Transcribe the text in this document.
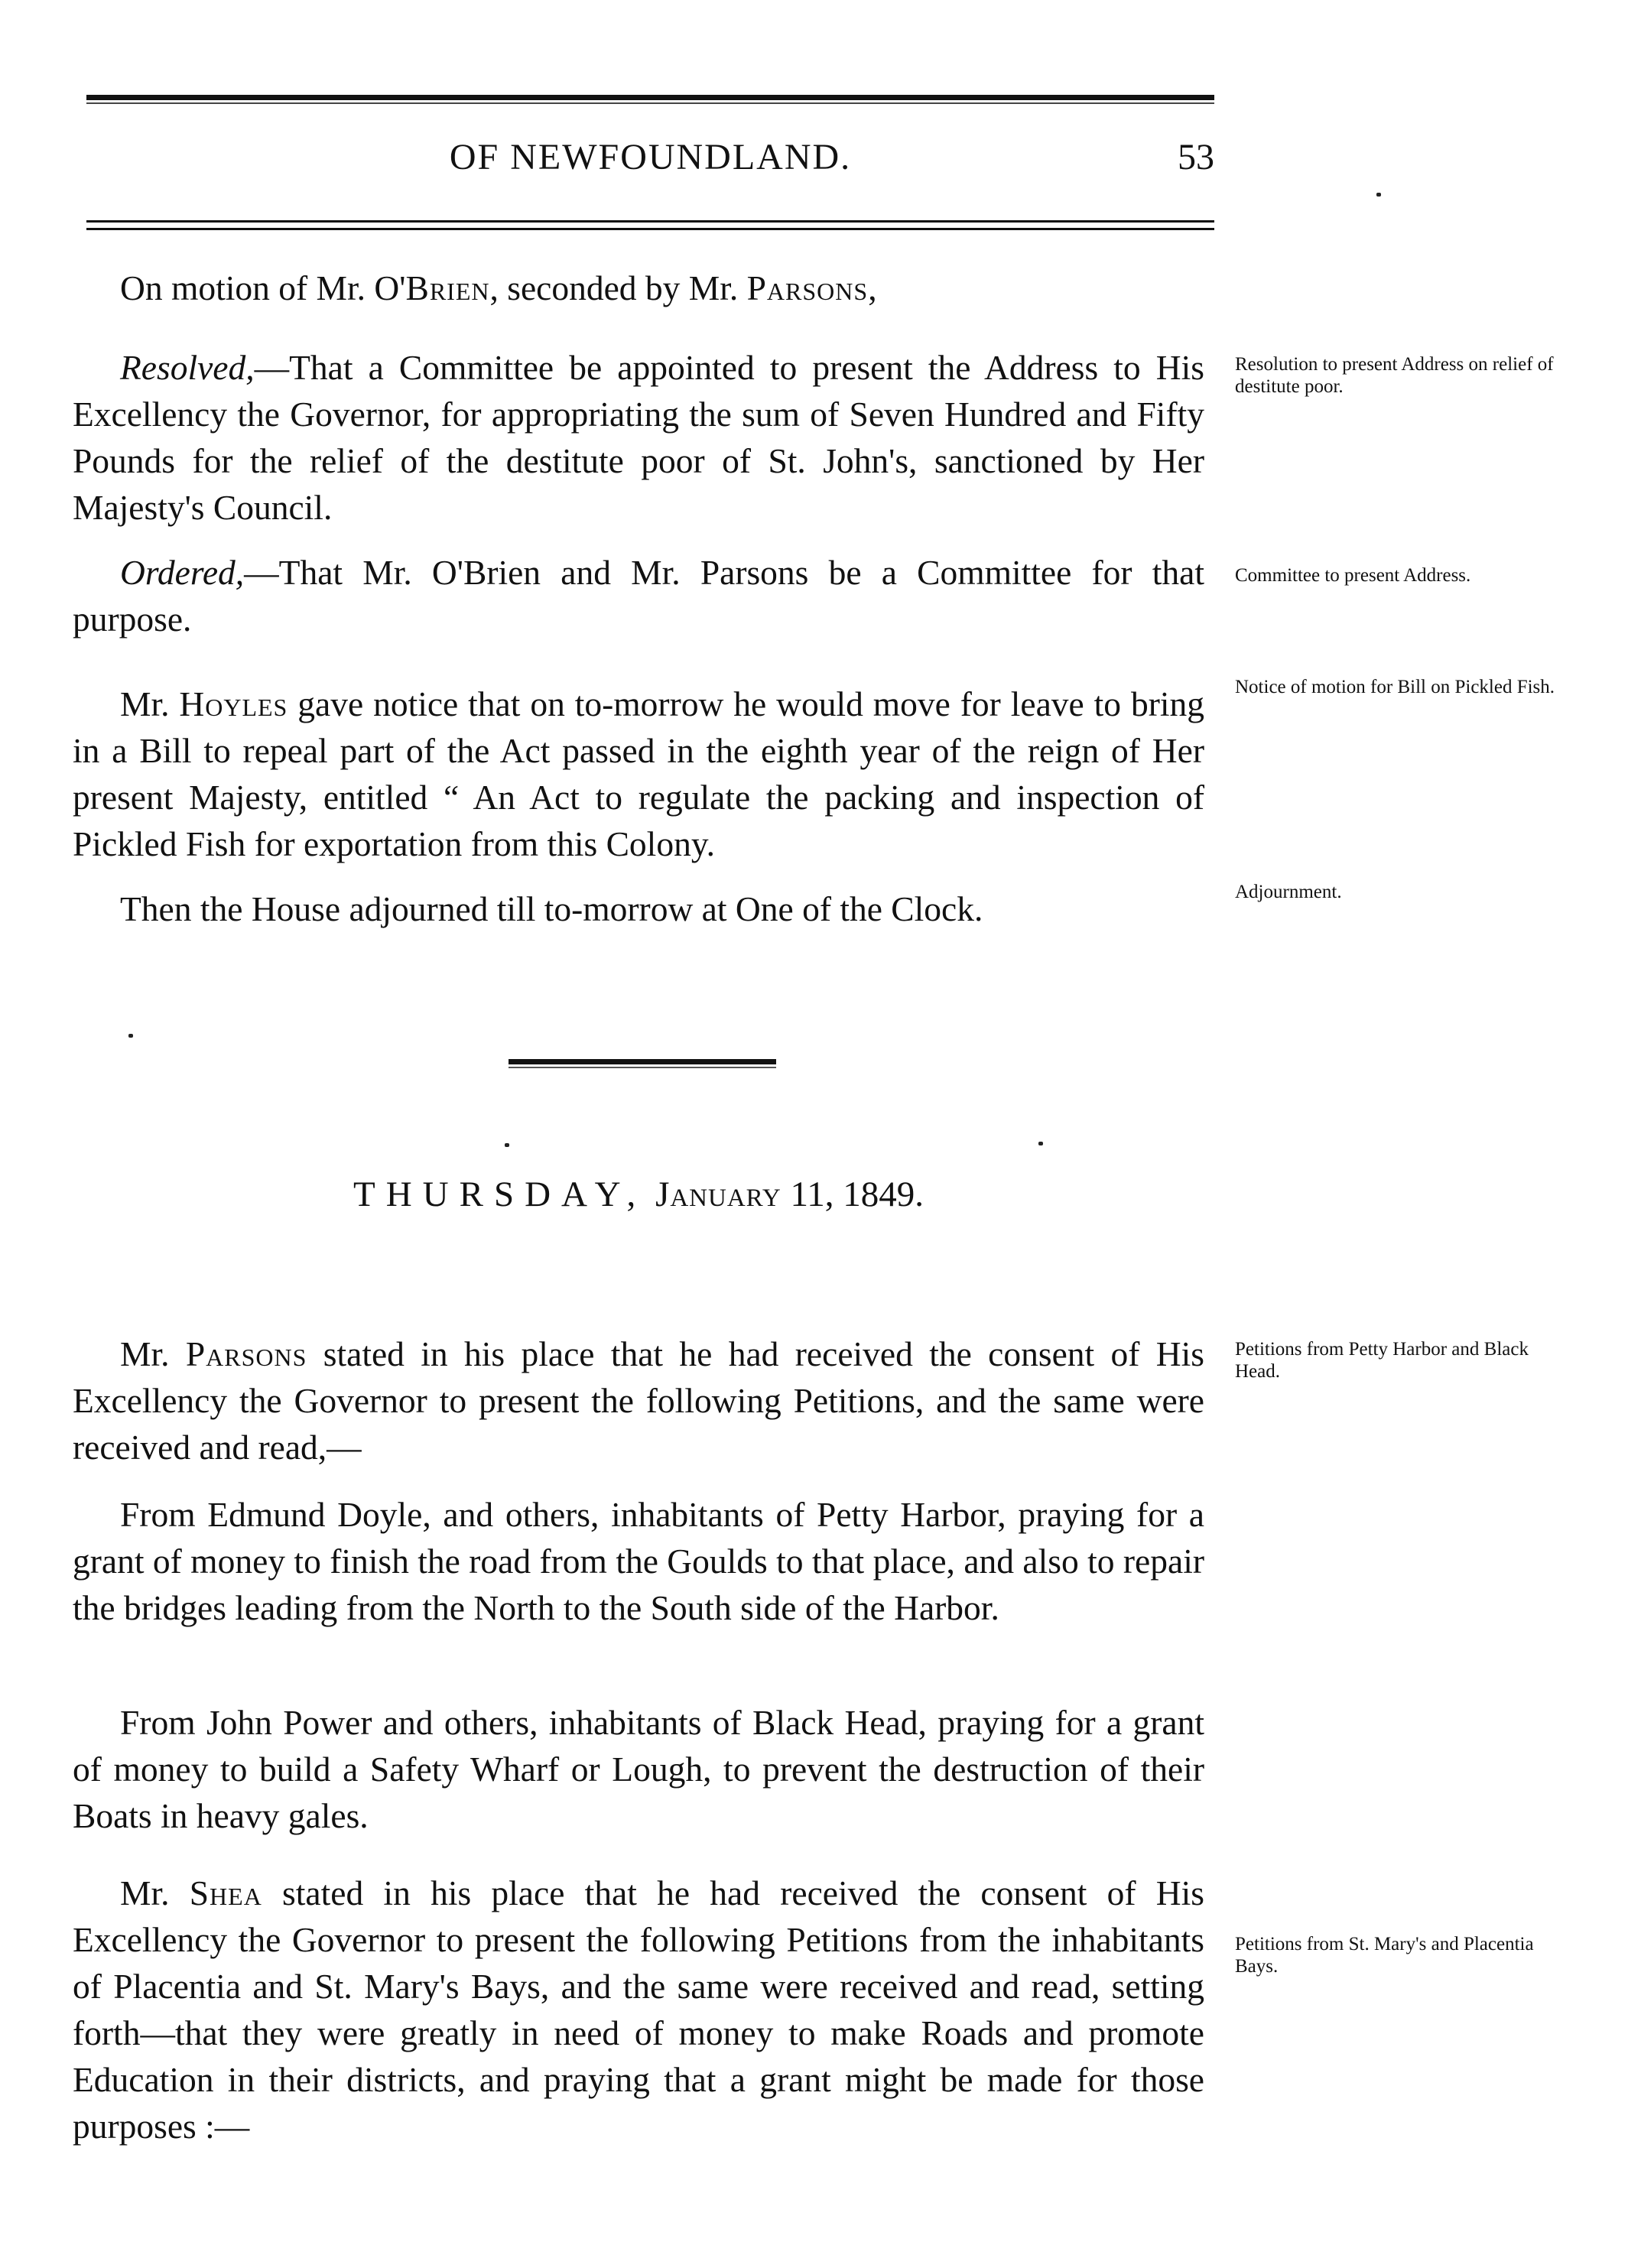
OF NEWFOUNDLAND.	53
On motion of Mr. O'Brien, seconded by Mr. Parsons,
Resolved,—That a Committee be appointed to present the Address to His Excellency the Governor, for appropriating the sum of Seven Hundred and Fifty Pounds for the relief of the destitute poor of St. John's, sanctioned by Her Majesty's Council.
Ordered,—That Mr. O'Brien and Mr. Parsons be a Committee for that purpose.
Mr. Hoyles gave notice that on to-morrow he would move for leave to bring in a Bill to repeal part of the Act passed in the eighth year of the reign of Her present Majesty, entitled “ An Act to regulate the packing and inspection of Pickled Fish for exportation from this Colony.
Then the House adjourned till to-morrow at One of the Clock.
Resolution to present Address on relief of destitute poor.
Committee to present Address.
Notice of motion for Bill on Pickled Fish.
Adjournment.
Petitions from Petty Harbor and Black Head.
Petitions from St. Mary's and Placentia Bays.
THURSDAY, January 11, 1849.
Mr. Parsons stated in his place that he had received the consent of His Excellency the Governor to present the following Petitions, and the same were received and read,—
From Edmund Doyle, and others, inhabitants of Petty Harbor, praying for a grant of money to finish the road from the Goulds to that place, and also to repair the bridges leading from the North to the South side of the Harbor.
From John Power and others, inhabitants of Black Head, praying for a grant of money to build a Safety Wharf or Lough, to prevent the destruction of their Boats in heavy gales.
Mr. Shea stated in his place that he had received the consent of His Excellency the Governor to present the following Petitions from the inhabitants of Placentia and St. Mary's Bays, and the same were received and read, setting forth—that they were greatly in need of money to make Roads and promote Education in their districts, and praying that a grant might be made for those purposes :—
